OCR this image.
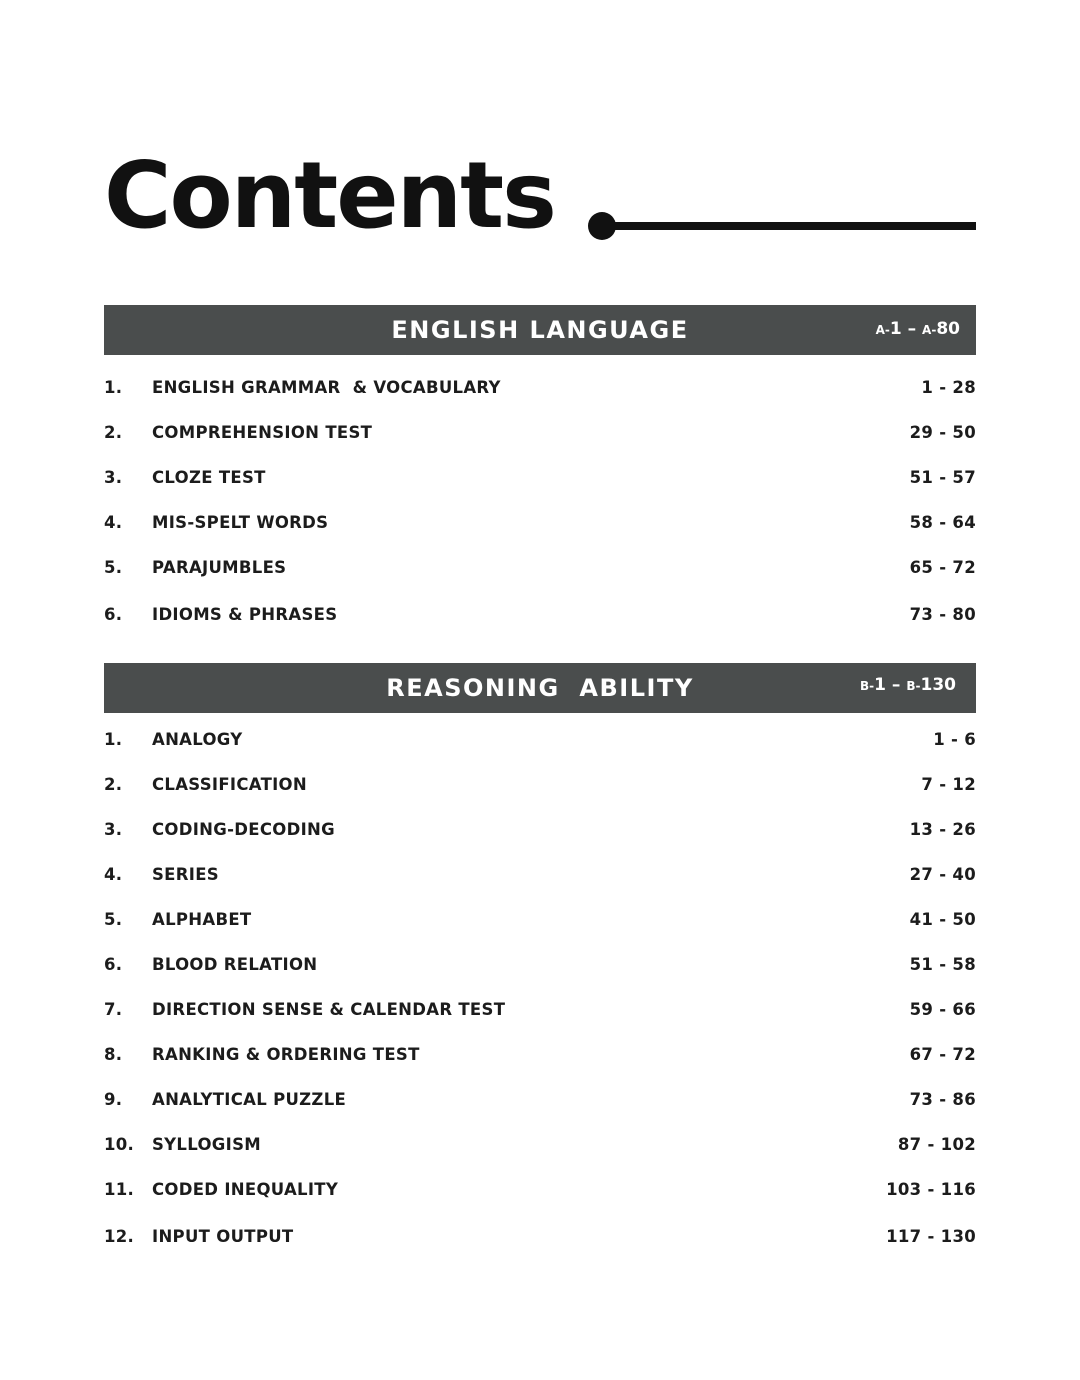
Contents
ENGLISH LANGUAGE	A-1 – A-80
1. ENGLISH GRAMMAR  & VOCABULARY	1 - 28
2. COMPREHENSION TEST	29 - 50
3. CLOZE TEST	51 - 57
4. MIS-SPELT WORDS	58 - 64
5. PARAJUMBLES	65 - 72
6. IDIOMS & PHRASES	73 - 80
REASONING  ABILITY	B-1 – B-130
1. ANALOGY	1 - 6
2. CLASSIFICATION	7 - 12
3. CODING-DECODING	13 - 26
4. SERIES	27 - 40
5. ALPHABET	41 - 50
6. BLOOD RELATION	51 - 58
7. DIRECTION SENSE & CALENDAR TEST	59 - 66
8. RANKING & ORDERING TEST	67 - 72
9. ANALYTICAL PUZZLE	73 - 86
10. SYLLOGISM	87 - 102
11. CODED INEQUALITY	103 - 116
12. INPUT OUTPUT	117 - 130
